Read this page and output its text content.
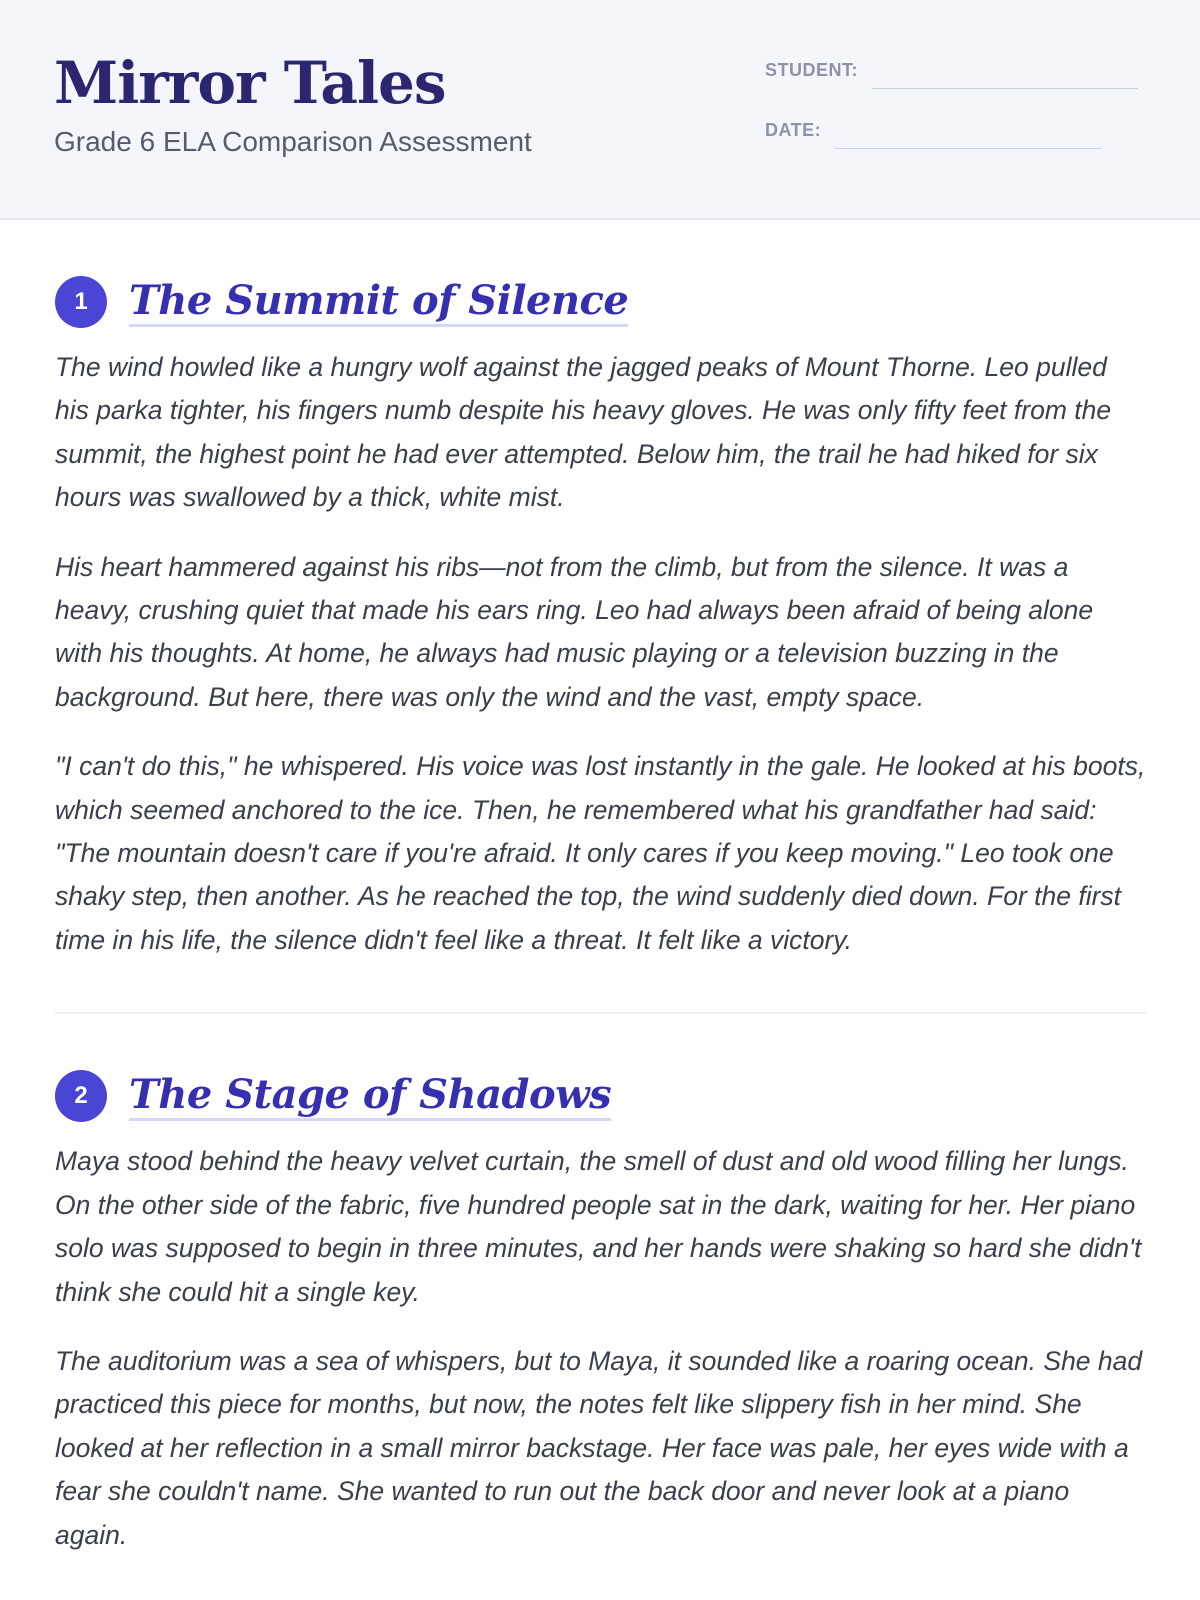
Mirror Tales
Grade 6 ELA Comparison Assessment
STUDENT:
DATE:
1	The Summit of Silence

The wind howled like a hungry wolf against the jagged peaks of Mount Thorne. Leo pulled his parka tighter, his fingers numb despite his heavy gloves. He was only fifty feet from the summit, the highest point he had ever attempted. Below him, the trail he had hiked for six hours was swallowed by a thick, white mist.

His heart hammered against his ribs—not from the climb, but from the silence. It was a heavy, crushing quiet that made his ears ring. Leo had always been afraid of being alone with his thoughts. At home, he always had music playing or a television buzzing in the background. But here, there was only the wind and the vast, empty space.

"I can't do this," he whispered. His voice was lost instantly in the gale. He looked at his boots, which seemed anchored to the ice. Then, he remembered what his grandfather had said: "The mountain doesn't care if you're afraid. It only cares if you keep moving." Leo took one shaky step, then another. As he reached the top, the wind suddenly died down. For the first time in his life, the silence didn't feel like a threat. It felt like a victory.

2	The Stage of Shadows

Maya stood behind the heavy velvet curtain, the smell of dust and old wood filling her lungs. On the other side of the fabric, five hundred people sat in the dark, waiting for her. Her piano solo was supposed to begin in three minutes, and her hands were shaking so hard she didn't think she could hit a single key.

The auditorium was a sea of whispers, but to Maya, it sounded like a roaring ocean. She had practiced this piece for months, but now, the notes felt like slippery fish in her mind. She looked at her reflection in a small mirror backstage. Her face was pale, her eyes wide with a fear she couldn't name. She wanted to run out the back door and never look at a piano again.
